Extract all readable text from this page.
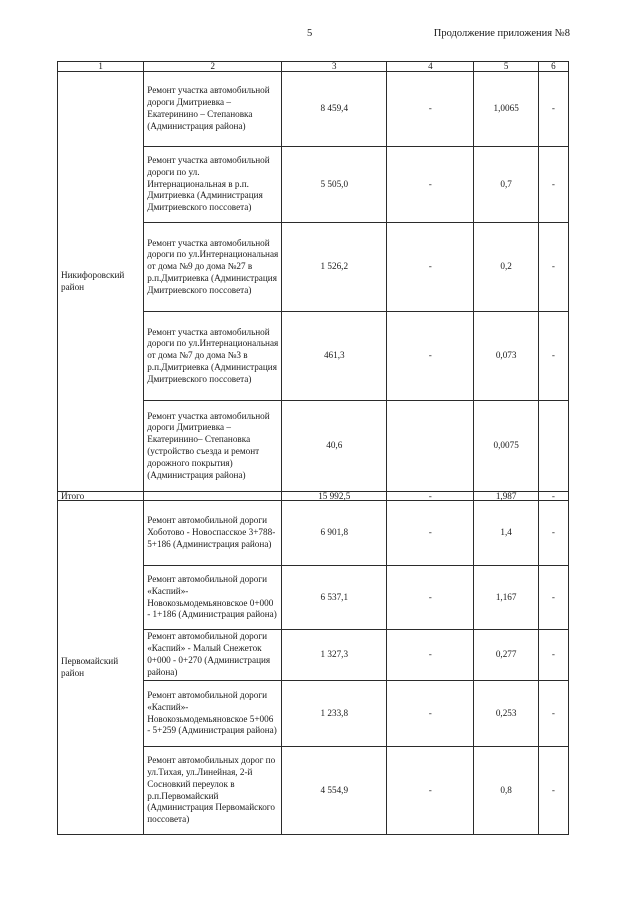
5	Продолжение приложения №8
1	2	3	4	5	6
Никифоровский район	Ремонт участка автомобильной дороги Дмитриевка – Екатеринино – Степановка (Администрация района)	8 459,4	-	1,0065	-
	Ремонт участка автомобильной дороги по ул. Интернациональная в р.п. Дмитриевка (Администрация Дмитриевского поссовета)	5 505,0	-	0,7	-
	Ремонт участка автомобильной дороги по ул.Интернациональная от дома №9 до дома №27 в р.п.Дмитриевка (Администрация Дмитриевского поссовета)	1 526,2	-	0,2	-
	Ремонт участка автомобильной дороги по ул.Интернациональная от дома №7 до дома №3 в р.п.Дмитриевка (Администрация Дмитриевского поссовета)	461,3	-	0,073	-
	Ремонт участка автомобильной дороги Дмитриевка – Екатеринино– Степановка (устройство съезда и ремонт дорожного покрытия) (Администрация района)	40,6		0,0075	
Итого		15 992,5	-	1,987	-
Первомайский район	Ремонт автомобильной дороги Хоботово - Новоспасское 3+788-5+186 (Администрация района)	6 901,8	-	1,4	-
	Ремонт автомобильной дороги «Каспий»- Новокозьмодемьяновское 0+000 - 1+186 (Администрация района)	6 537,1	-	1,167	-
	Ремонт автомобильной дороги «Каспий» - Малый Снежеток 0+000 - 0+270 (Администрация района)	1 327,3	-	0,277	-
	Ремонт автомобильной дороги «Каспий»- Новокозьмодемьяновское 5+006 - 5+259 (Администрация района)	1 233,8	-	0,253	-
	Ремонт автомобильных дорог по ул.Тихая, ул.Линейная, 2-й Сосновкий переулок в р.п.Первомайский (Администрация Первомайского поссовета)	4 554,9	-	0,8	-
